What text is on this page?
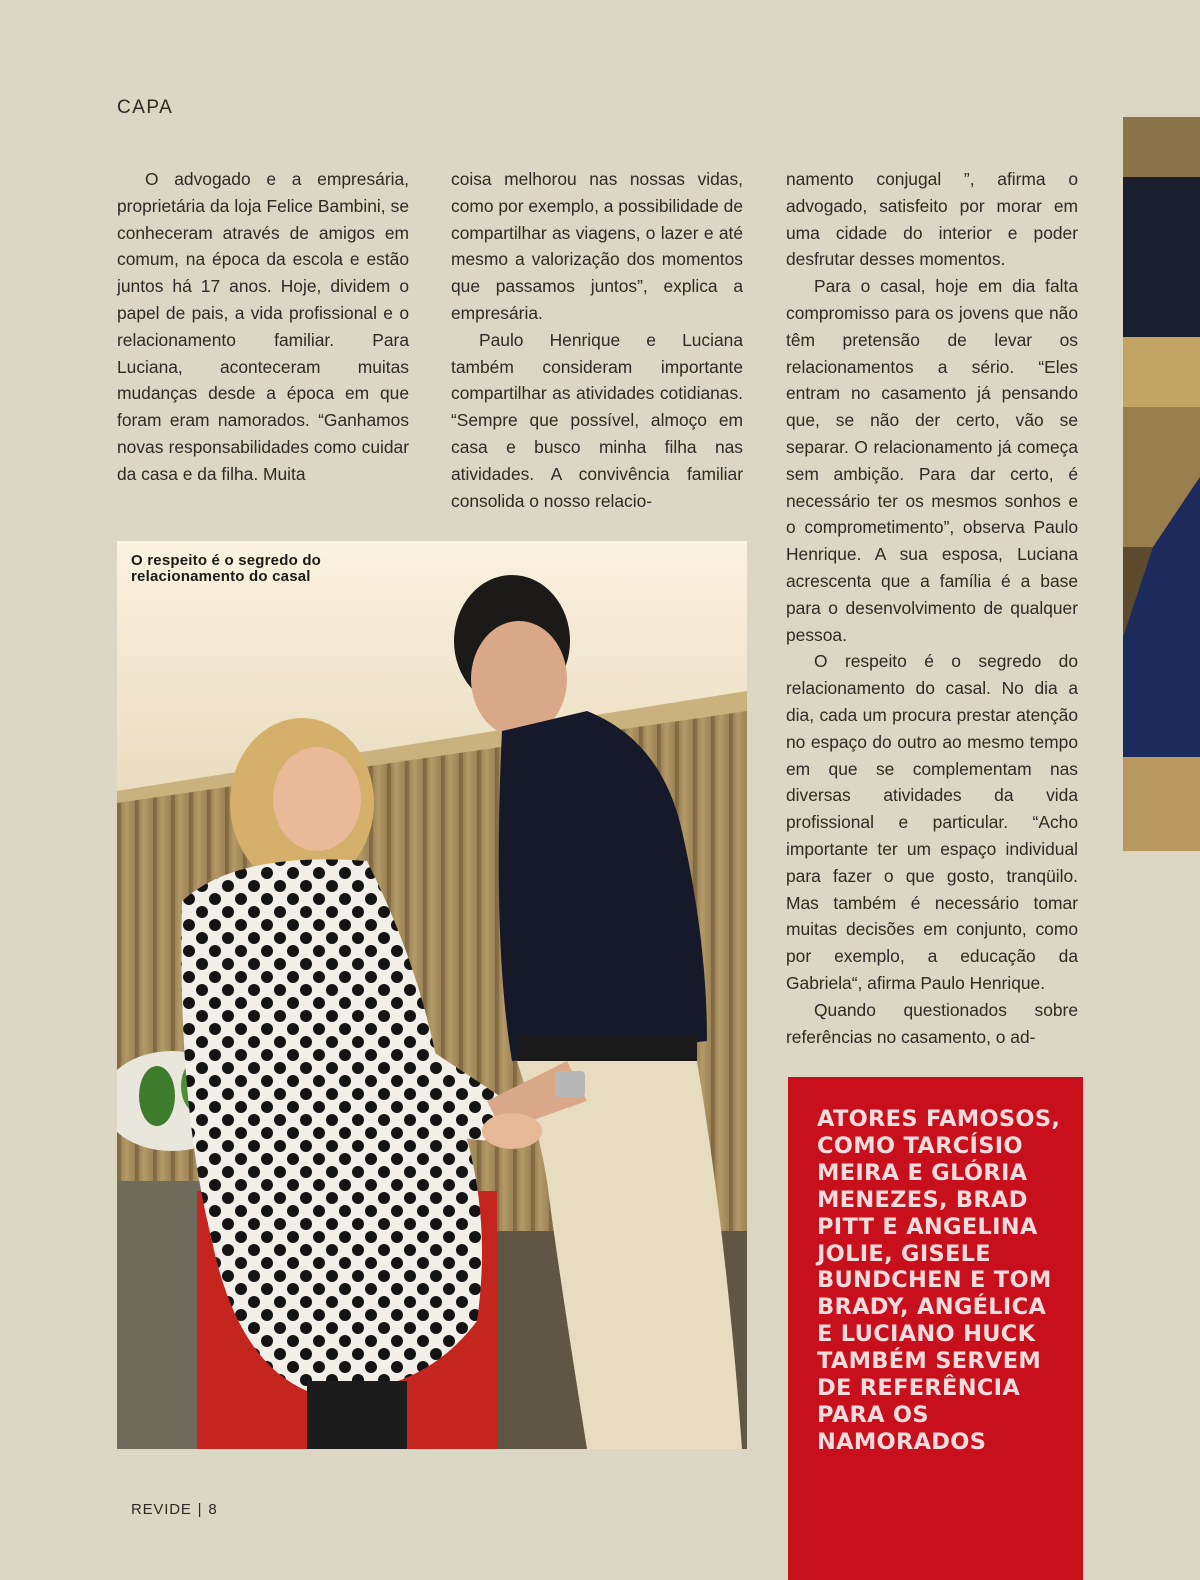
CAPA

O advogado e a empresária, proprietária da loja Felice Bambini, se conheceram através de amigos em comum, na época da escola e estão juntos há 17 anos. Hoje, dividem o papel de pais, a vida profissional e o relacionamento familiar. Para Luciana, aconteceram muitas mudanças desde a época em que foram eram namorados. “Ganhamos novas responsabilidades como cuidar da casa e da filha. Muita

coisa melhorou nas nossas vidas, como por exemplo, a possibilidade de compartilhar as viagens, o lazer e até mesmo a valorização dos momentos que passamos juntos”, explica a empresária.

Paulo Henrique e Luciana também consideram importante compartilhar as atividades cotidianas. “Sempre que possível, almoço em casa e busco minha filha nas atividades. A convivência familiar consolida o nosso relacio-

namento conjugal ”, afirma o advogado, satisfeito por morar em uma cidade do interior e poder desfrutar desses momentos.

Para o casal, hoje em dia falta compromisso para os jovens que não têm pretensão de levar os relacionamentos a sério. “Eles entram no casamento já pensando que, se não der certo, vão se separar. O relacionamento já começa sem ambição. Para dar certo, é necessário ter os mesmos sonhos e o comprometimento”, observa Paulo Henrique. A sua esposa, Luciana acrescenta que a família é a base para o desenvolvimento de qualquer pessoa.

O respeito é o segredo do relacionamento do casal. No dia a dia, cada um procura prestar atenção no espaço do outro ao mesmo tempo em que se complementam nas diversas atividades da vida profissional e particular. “Acho importante ter um espaço individual para fazer o que gosto, tranqüilo. Mas também é necessário tomar muitas decisões em conjunto, como por exemplo, a educação da Gabriela“, afirma Paulo Henrique.

Quando questionados sobre referências no casamento, o ad-

O respeito é o segredo do relacionamento do casal
ATORES FAMOSOS, COMO TARCÍSIO MEIRA E GLÓRIA MENEZES, BRAD PITT E ANGELINA JOLIE, GISELE BUNDCHEN E TOM BRADY, ANGÉLICA E LUCIANO HUCK TAMBÉM SERVEM DE REFERÊNCIA PARA OS NAMORADOS
REVIDE | 8
